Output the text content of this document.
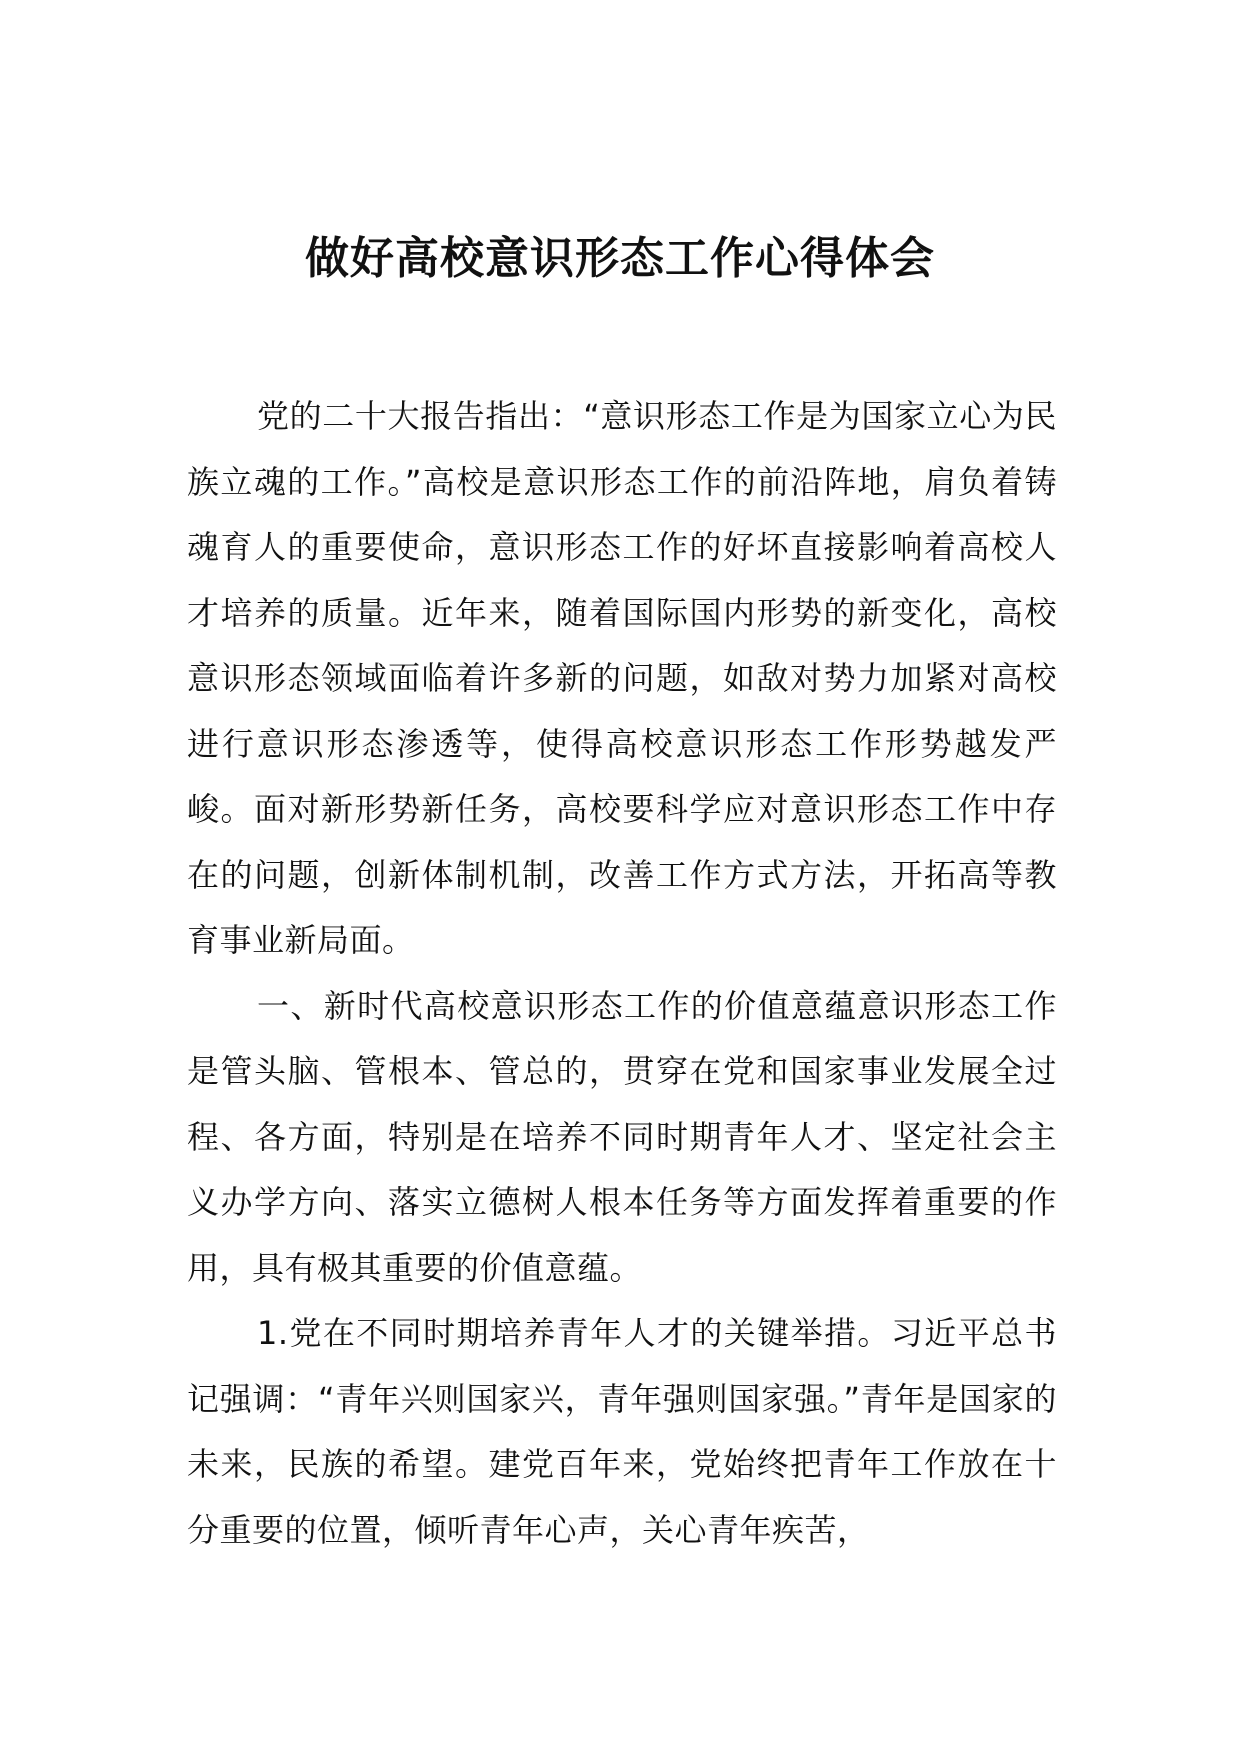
做好高校意识形态工作心得体会

党的二十大报告指出：“意识形态工作是为国家立心为民族立魂的工作。”高校是意识形态工作的前沿阵地，肩负着铸魂育人的重要使命，意识形态工作的好坏直接影响着高校人才培养的质量。近年来，随着国际国内形势的新变化，高校意识形态领域面临着许多新的问题，如敌对势力加紧对高校进行意识形态渗透等，使得高校意识形态工作形势越发严峻。面对新形势新任务，高校要科学应对意识形态工作中存在的问题，创新体制机制，改善工作方式方法，开拓高等教育事业新局面。

一、新时代高校意识形态工作的价值意蕴意识形态工作是管头脑、管根本、管总的，贯穿在党和国家事业发展全过程、各方面，特别是在培养不同时期青年人才、坚定社会主义办学方向、落实立德树人根本任务等方面发挥着重要的作用，具有极其重要的价值意蕴。

1.党在不同时期培养青年人才的关键举措。习近平总书记强调：“青年兴则国家兴，青年强则国家强。”青年是国家的未来，民族的希望。建党百年来，党始终把青年工作放在十分重要的位置，倾听青年心声，关心青年疾苦，
